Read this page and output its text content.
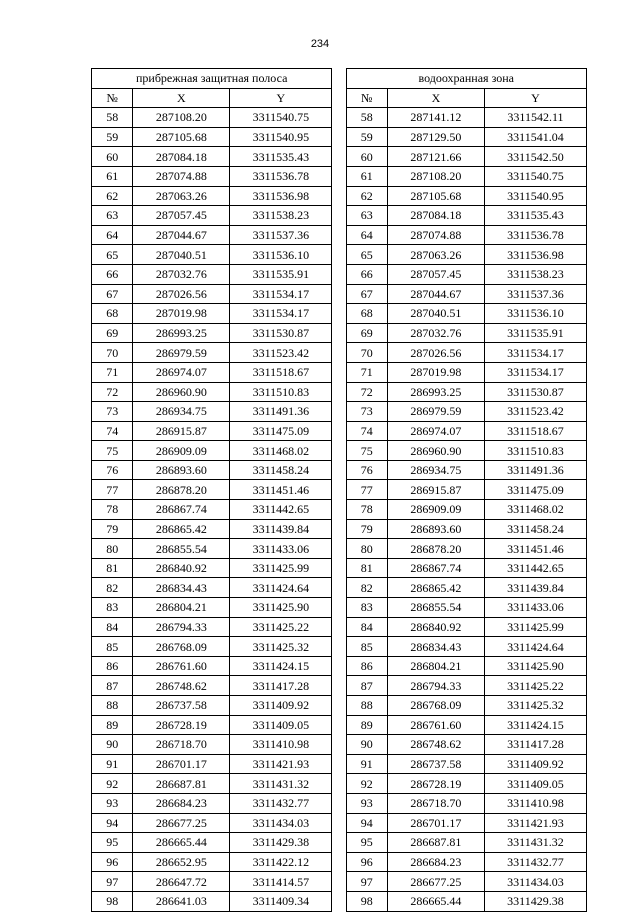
234
прибрежная защитная полоса				водоохранная зона		
№	X	Y		№	X	Y
58	287108.20	3311540.75		58	287141.12	3311542.11
59	287105.68	3311540.95		59	287129.50	3311541.04
60	287084.18	3311535.43		60	287121.66	3311542.50
61	287074.88	3311536.78		61	287108.20	3311540.75
62	287063.26	3311536.98		62	287105.68	3311540.95
63	287057.45	3311538.23		63	287084.18	3311535.43
64	287044.67	3311537.36		64	287074.88	3311536.78
65	287040.51	3311536.10		65	287063.26	3311536.98
66	287032.76	3311535.91		66	287057.45	3311538.23
67	287026.56	3311534.17		67	287044.67	3311537.36
68	287019.98	3311534.17		68	287040.51	3311536.10
69	286993.25	3311530.87		69	287032.76	3311535.91
70	286979.59	3311523.42		70	287026.56	3311534.17
71	286974.07	3311518.67		71	287019.98	3311534.17
72	286960.90	3311510.83		72	286993.25	3311530.87
73	286934.75	3311491.36		73	286979.59	3311523.42
74	286915.87	3311475.09		74	286974.07	3311518.67
75	286909.09	3311468.02		75	286960.90	3311510.83
76	286893.60	3311458.24		76	286934.75	3311491.36
77	286878.20	3311451.46		77	286915.87	3311475.09
78	286867.74	3311442.65		78	286909.09	3311468.02
79	286865.42	3311439.84		79	286893.60	3311458.24
80	286855.54	3311433.06		80	286878.20	3311451.46
81	286840.92	3311425.99		81	286867.74	3311442.65
82	286834.43	3311424.64		82	286865.42	3311439.84
83	286804.21	3311425.90		83	286855.54	3311433.06
84	286794.33	3311425.22		84	286840.92	3311425.99
85	286768.09	3311425.32		85	286834.43	3311424.64
86	286761.60	3311424.15		86	286804.21	3311425.90
87	286748.62	3311417.28		87	286794.33	3311425.22
88	286737.58	3311409.92		88	286768.09	3311425.32
89	286728.19	3311409.05		89	286761.60	3311424.15
90	286718.70	3311410.98		90	286748.62	3311417.28
91	286701.17	3311421.93		91	286737.58	3311409.92
92	286687.81	3311431.32		92	286728.19	3311409.05
93	286684.23	3311432.77		93	286718.70	3311410.98
94	286677.25	3311434.03		94	286701.17	3311421.93
95	286665.44	3311429.38		95	286687.81	3311431.32
96	286652.95	3311422.12		96	286684.23	3311432.77
97	286647.72	3311414.57		97	286677.25	3311434.03
98	286641.03	3311409.34		98	286665.44	3311429.38
